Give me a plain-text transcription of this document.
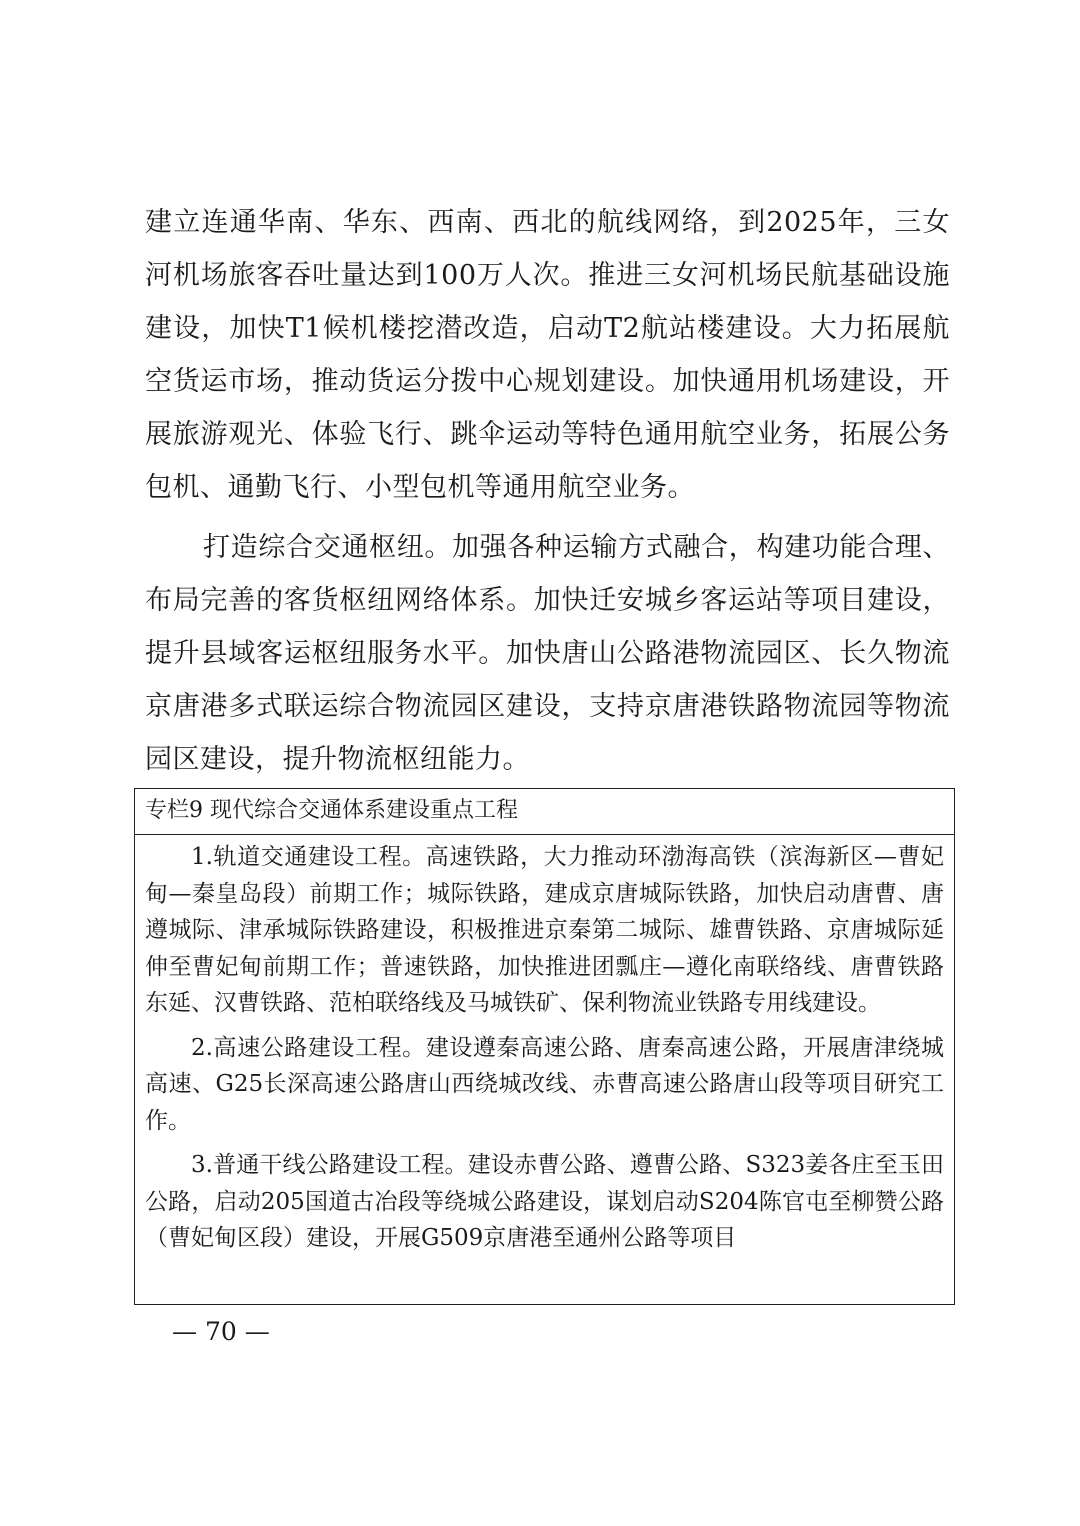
建立连通华南、华东、西南、西北的航线网络，到2025年，三女河机场旅客吞吐量达到100万人次。推进三女河机场民航基础设施建设，加快T1候机楼挖潜改造，启动T2航站楼建设。大力拓展航空货运市场，推动货运分拨中心规划建设。加快通用机场建设，开展旅游观光、体验飞行、跳伞运动等特色通用航空业务，拓展公务包机、通勤飞行、小型包机等通用航空业务。

打造综合交通枢纽。加强各种运输方式融合，构建功能合理、布局完善的客货枢纽网络体系。加快迁安城乡客运站等项目建设，提升县域客运枢纽服务水平。加快唐山公路港物流园区、长久物流京唐港多式联运综合物流园区建设，支持京唐港铁路物流园等物流园区建设，提升物流枢纽能力。

专栏9 现代综合交通体系建设重点工程

1.轨道交通建设工程。高速铁路，大力推动环渤海高铁（滨海新区—曹妃甸—秦皇岛段）前期工作；城际铁路，建成京唐城际铁路，加快启动唐曹、唐遵城际、津承城际铁路建设，积极推进京秦第二城际、雄曹铁路、京唐城际延伸至曹妃甸前期工作；普速铁路，加快推进团瓢庄—遵化南联络线、唐曹铁路东延、汉曹铁路、范柏联络线及马城铁矿、保利物流业铁路专用线建设。

2.高速公路建设工程。建设遵秦高速公路、唐秦高速公路，开展唐津绕城高速、G25长深高速公路唐山西绕城改线、赤曹高速公路唐山段等项目研究工作。

3.普通干线公路建设工程。建设赤曹公路、遵曹公路、S323姜各庄至玉田公路，启动205国道古冶段等绕城公路建设，谋划启动S204陈官屯至柳赞公路（曹妃甸区段）建设，开展G509京唐港至通州公路等项目

— 70 —
